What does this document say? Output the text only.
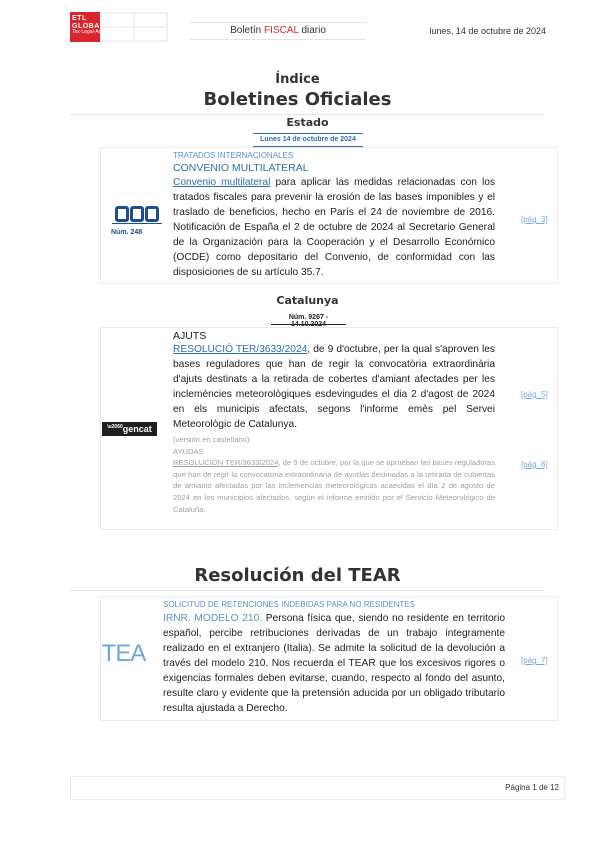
ETL
GLOBAL
Tax·Legal·Audit	Boletín FISCAL diario	lunes, 14 de octubre de 2024
Índice
Boletines Oficiales
Estado
Lunes 14 de octubre de 2024
Núm. 248
TRATADOS INTERNACIONALES
CONVENIO MULTILATERAL
Convenio multilateral para aplicar las medidas relacionadas con los tratados fiscales para prevenir la erosión de las bases imponibles y el traslado de beneficios, hecho en París el 24 de noviembre de 2016. Notificación de España el 2 de octubre de 2024 al Secretario General de la Organización para la Cooperación y el Desarrollo Económico (OCDE) como depositario del Convenio, de conformidad con las disposiciones de su artículo 35.7.
[pág. 3]
Catalunya
Núm. 9267 - 14.10.2024
$^{\backslash u2060}$gencat
AJUTS
RESOLUCIÓ TER/3633/2024, de 9 d'octubre, per la qual s'aproven les bases reguladores que han de regir la convocatòria extraordinària d'ajuts destinats a la retirada de cobertes d'amiant afectades per les inclemències meteorològiques esdevingudes el dia 2 d'agost de 2024 en els municipis afectats, segons l'informe emès pel Servei Meteorològic de Catalunya.
(versión en castellano)
AYUDAS
RESOLUCIÓN TER/3633/2024, de 9 de octubre, por la que se aprueban las bases reguladoras que han de regir la convocatoria extraordinaria de ayudas destinadas a la retirada de cubiertas de amianto afectadas por las inclemencias meteorológicas acaecidas el día 2 de agosto de 2024 en los municipios afectados, según el informe emitido por el Servicio Meteorológico de Cataluña.
[pág. 5]
[pág. 6]
Resolución del TEAR
TEA
SOLICITUD DE RETENCIONES INDEBIDAS PARA NO RESIDENTES
IRNR. MODELO 210. Persona física que, siendo no residente en territorio español, percibe retribuciones derivadas de un trabajo íntegramente realizado en el extranjero (Italia). Se admite la solicitud de la devolución a través del modelo 210. Nos recuerda el TEAR que los excesivos rigores o exigencias formales deben evitarse, cuando, respecto al fondo del asunto, resulte claro y evidente que la pretensión aducida por un obligado tributario resulta ajustada a Derecho.
[pág. 7]
Página 1 de 12
